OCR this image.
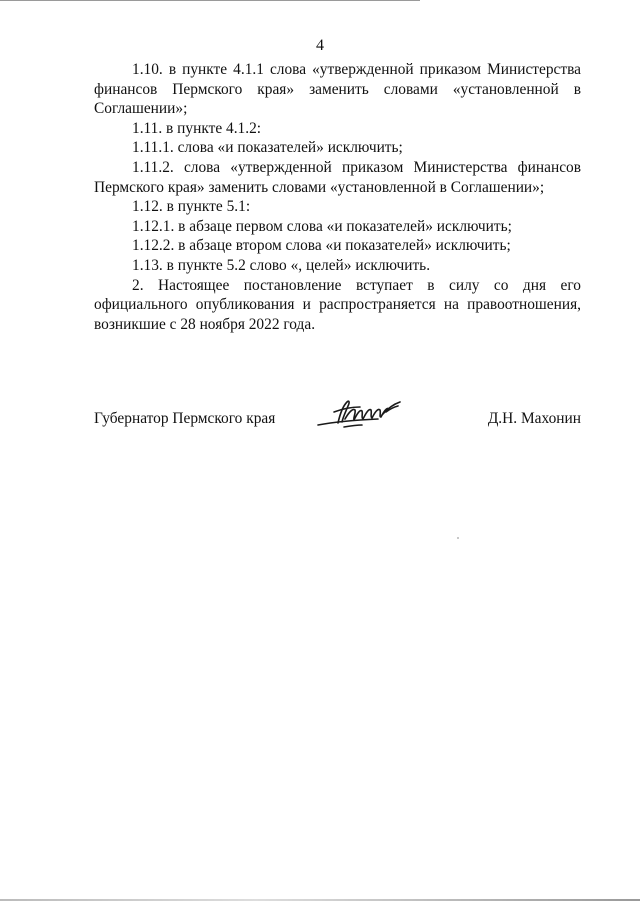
4

1.10. в пункте 4.1.1 слова «утвержденной приказом Министерства финансов Пермского края» заменить словами «установленной в Соглашении»;

1.11. в пункте 4.1.2:

1.11.1. слова «и показателей» исключить;

1.11.2. слова «утвержденной приказом Министерства финансов Пермского края» заменить словами «установленной в Соглашении»;

1.12. в пункте 5.1:

1.12.1. в абзаце первом слова «и показателей» исключить;

1.12.2. в абзаце втором слова «и показателей» исключить;

1.13. в пункте 5.2 слово «, целей» исключить.

2. Настоящее постановление вступает в силу со дня его официального опубликования и распространяется на правоотношения, возникшие с 28 ноября 2022 года.

Губернатор Пермского края	Д.Н. Махонин
